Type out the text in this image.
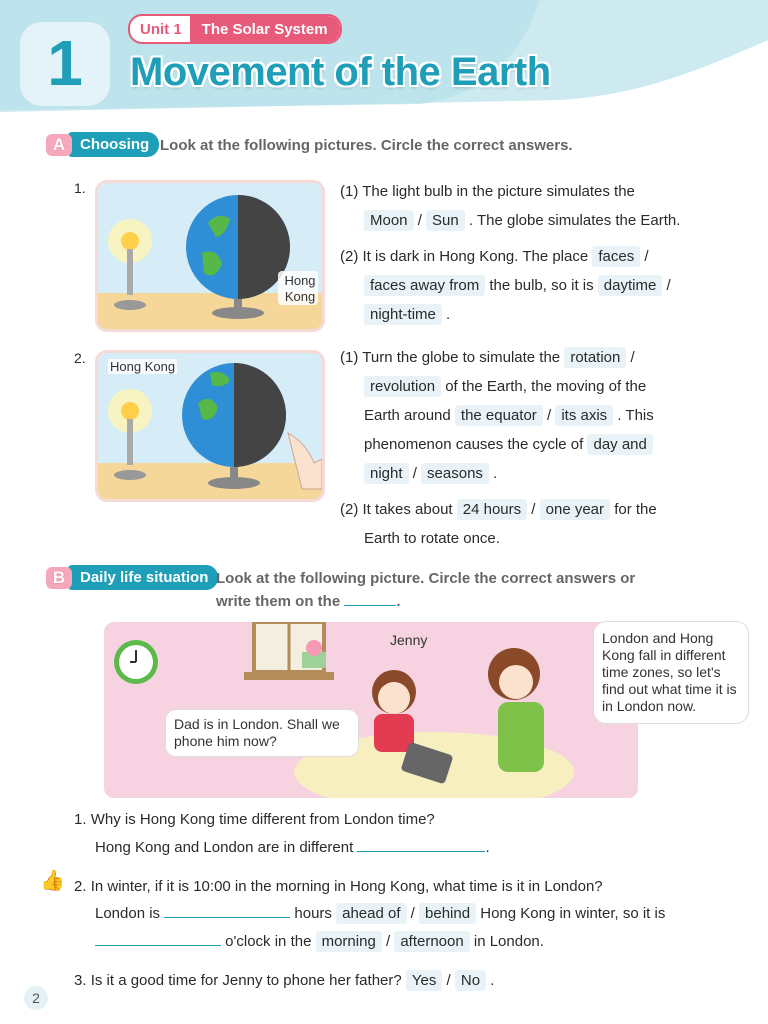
1	Unit 1	The Solar System
Movement of the Earth
A Choosing Look at the following pictures. Circle the correct answers.
1.
Hong Kong
(1) The light bulb in the picture simulates the
Moon / Sun . The globe simulates the Earth.
(2) It is dark in Hong Kong. The place faces /
faces away from the bulb, so it is daytime /
night-time .
2.
Hong Kong
(1) Turn the globe to simulate the rotation /
revolution of the Earth, the moving of the
Earth around the equator / its axis . This
phenomenon causes the cycle of day and
night / seasons .
(2) It takes about 24 hours / one year for the
Earth to rotate once.
B Daily life situation Look at the following picture. Circle the correct answers or
write them on the	.
Jenny
Dad is in London. Shall we phone him now?
London and Hong Kong fall in different time zones, so let's find out what time it is in London now.
1. Why is Hong Kong time different from London time?
Hong Kong and London are in different	.
👍 2. In winter, if it is 10:00 in the morning in Hong Kong, what time is it in London?
London is	hours ahead of / behind Hong Kong in winter, so it is
o'clock in the morning / afternoon in London.
3. Is it a good time for Jenny to phone her father? Yes / No .
2
